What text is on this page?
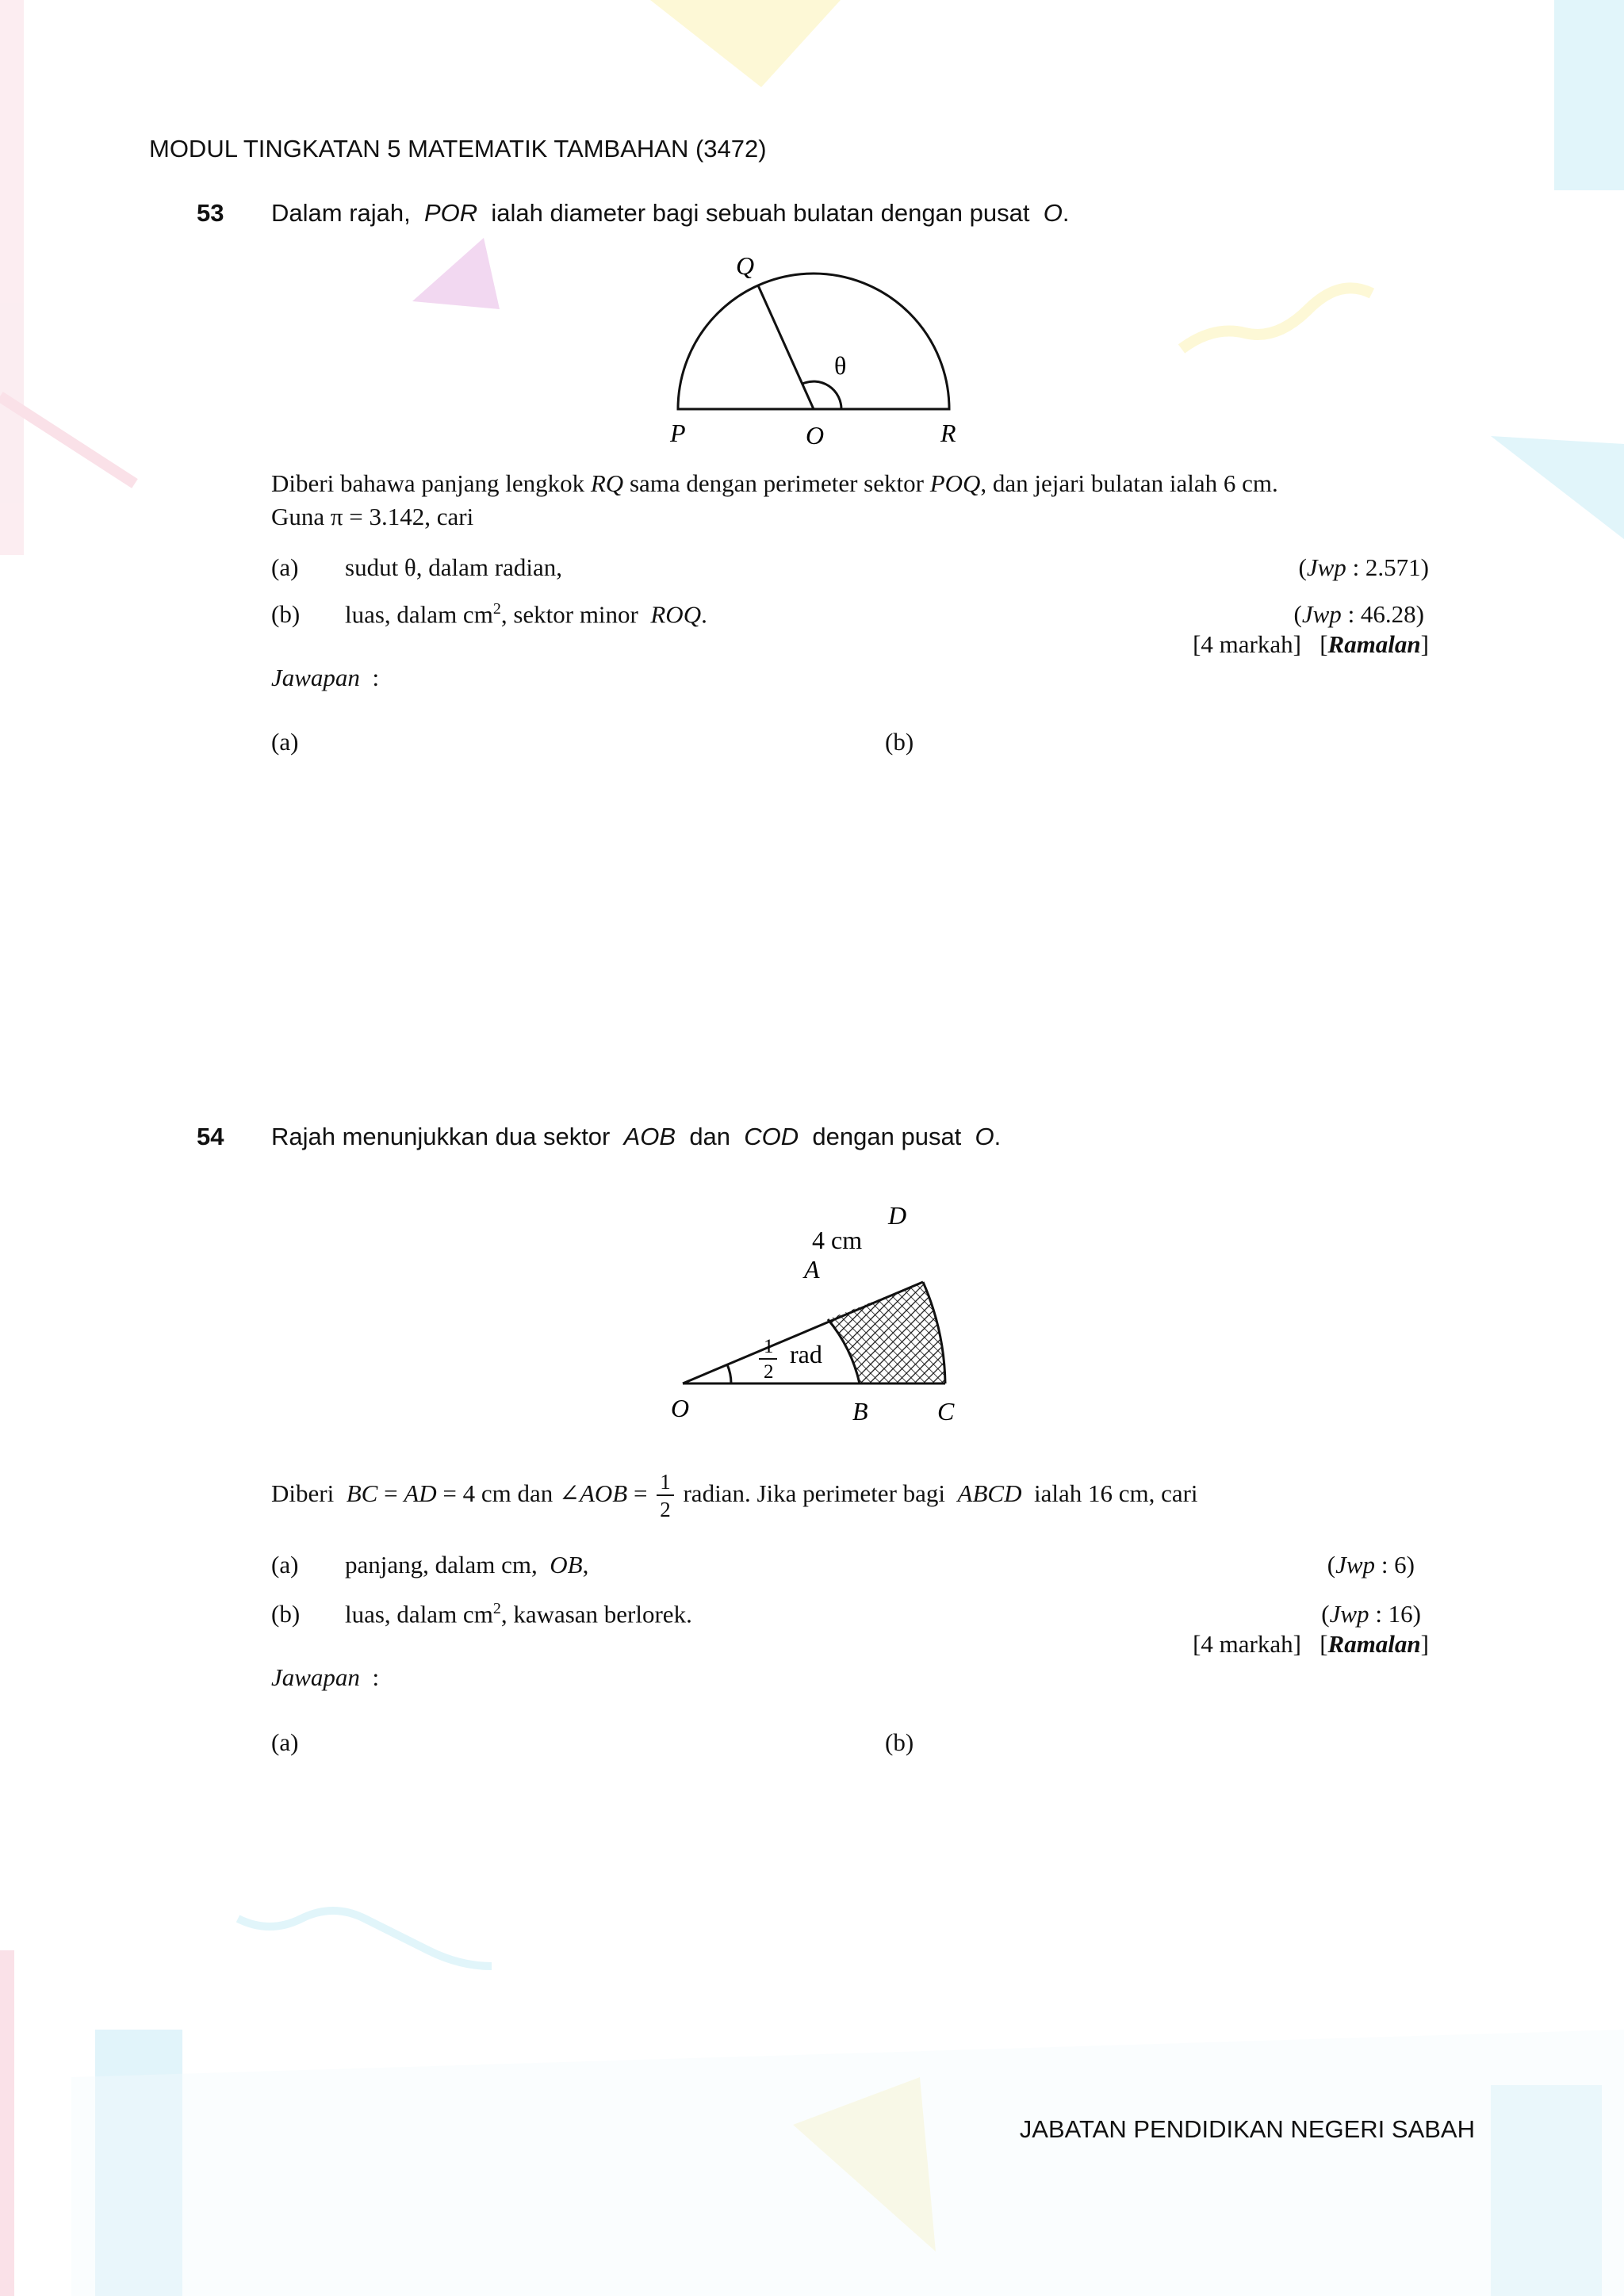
MODUL TINGKATAN 5 MATEMATIK TAMBAHAN (3472)
53 Dalam rajah, POR ialah diameter bagi sebuah bulatan dengan pusat O.
Q
θ
P	O	R
Diberi bahawa panjang lengkok RQ sama dengan perimeter sektor POQ, dan jejari bulatan ialah 6 cm.
Guna π = 3.142, cari
(a) sudut θ, dalam radian,	(Jwp : 2.571)
(b) luas, dalam $cm^2$, sektor minor ROQ.	(Jwp : 46.28)
[4 markah]   [Ramalan]
Jawapan :
(a)	(b)
54 Rajah menunjukkan dua sektor AOB dan COD dengan pusat O.
4 cm
D
A
1
2
rad
O	B	C
Diberi BC = AD = 4 cm dan ∠AOB = $\frac{1}{2}$ radian. Jika perimeter bagi ABCD ialah 16 cm, cari
(a) panjang, dalam cm, OB,	(Jwp : 6)
(b) luas, dalam $cm^2$, kawasan berlorek.	(Jwp : 16)
[4 markah]   [Ramalan]
Jawapan :
(a)	(b)
JABATAN PENDIDIKAN NEGERI SABAH
